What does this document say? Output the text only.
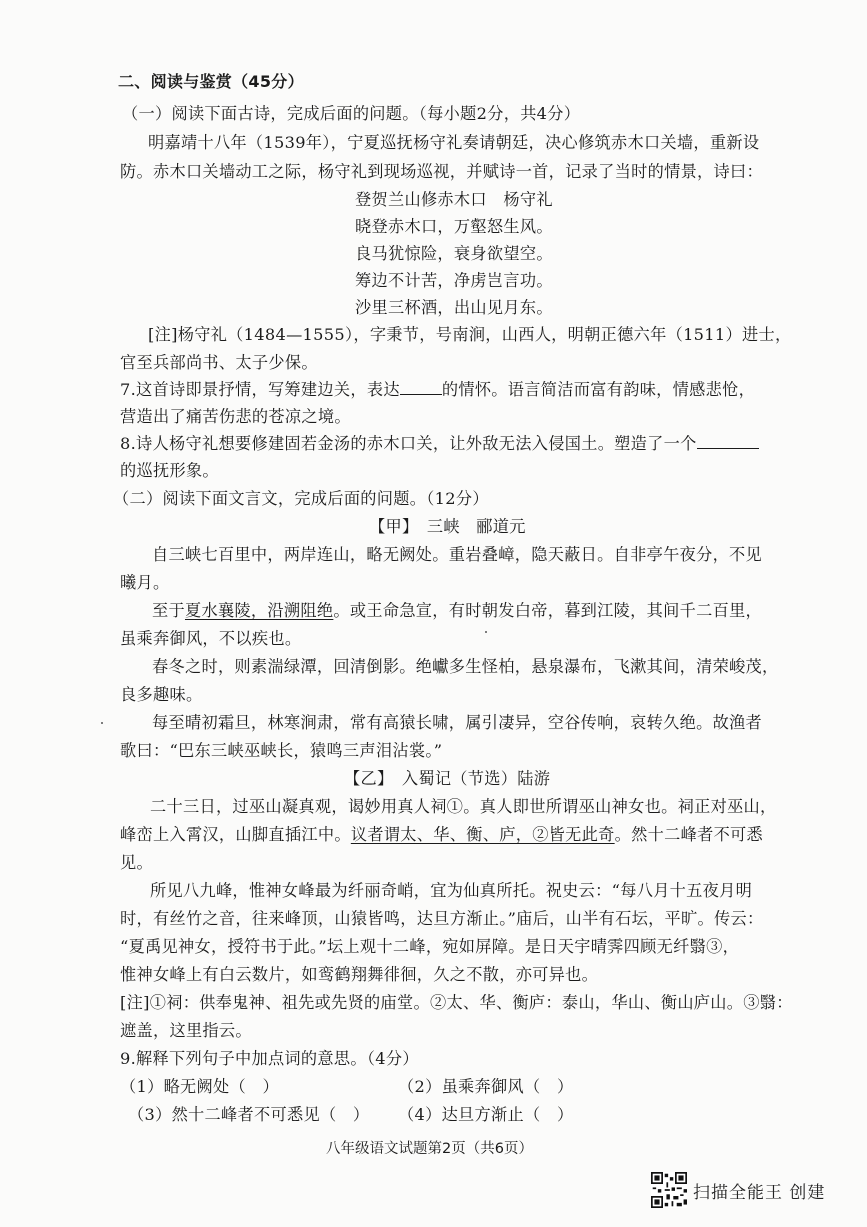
二、阅读与鉴赏（45分）
（一）阅读下面古诗，完成后面的问题。（每小题2分，共4分）
明嘉靖十八年（1539年），宁夏巡抚杨守礼奏请朝廷，决心修筑赤木口关墙，重新设
防。赤木口关墙动工之际，杨守礼到现场巡视，并赋诗一首，记录了当时的情景，诗曰：
登贺兰山修赤木口　杨守礼
晓登赤木口，万壑怒生风。
良马犹惊险，衰身欲望空。
筹边不计苦，净虏岂言功。
沙里三杯酒，出山见月东。
[注]杨守礼（1484—1555），字秉节，号南涧，山西人，明朝正德六年（1511）进士，
官至兵部尚书、太子少保。
7.这首诗即景抒情，写筹建边关，表达	的情怀。语言简洁而富有韵味，情感悲怆，
营造出了痛苦伤悲的苍凉之境。
8.诗人杨守礼想要修建固若金汤的赤木口关，让外敌无法入侵国土。塑造了一个
的巡抚形象。
（二）阅读下面文言文，完成后面的问题。（12分）
【甲】　三峡　郦道元
自三峡七百里中，两岸连山，略无阙处。重岩叠嶂，隐天蔽日。自非亭午夜分，不见
曦月。
至于夏水襄陵，沿溯阻绝。或王命急宣，有时朝发白帝，暮到江陵，其间千二百里，
虽乘奔御风，不以疾也。
春冬之时，则素湍绿潭，回清倒影。绝巘多生怪柏，悬泉瀑布，飞漱其间，清荣峻茂，
良多趣味。
每至晴初霜旦，林寒涧肃，常有高猿长啸，属引凄异，空谷传响，哀转久绝。故渔者
歌曰：“巴东三峡巫峡长，猿鸣三声泪沾裳。”
【乙】　入蜀记（节选）陆游
二十三日，过巫山凝真观，谒妙用真人祠①。真人即世所谓巫山神女也。祠正对巫山，
峰峦上入霄汉，山脚直插江中。议者谓太、华、衡、庐，②皆无此奇。然十二峰者不可悉
见。
所见八九峰，惟神女峰最为纤丽奇峭，宜为仙真所托。祝史云：“每八月十五夜月明
时，有丝竹之音，往来峰顶，山猿皆鸣，达旦方渐止。”庙后，山半有石坛，平旷。传云：
“夏禹见神女，授符书于此。”坛上观十二峰，宛如屏障。是日天宇晴霁四顾无纤翳③，
惟神女峰上有白云数片，如鸾鹤翔舞徘徊，久之不散，亦可异也。
[注]①祠：供奉鬼神、祖先或先贤的庙堂。②太、华、衡庐：泰山，华山、衡山庐山。③翳：
遮盖，这里指云。
9.解释下列句子中加点词的意思。（4分）
（1）略无阙处（　）	（2）虽乘奔御风（　）
（3）然十二峰者不可悉见（　） （4）达旦方渐止（　）
八年级语文试题第2页（共6页）
扫描全能王 创建
